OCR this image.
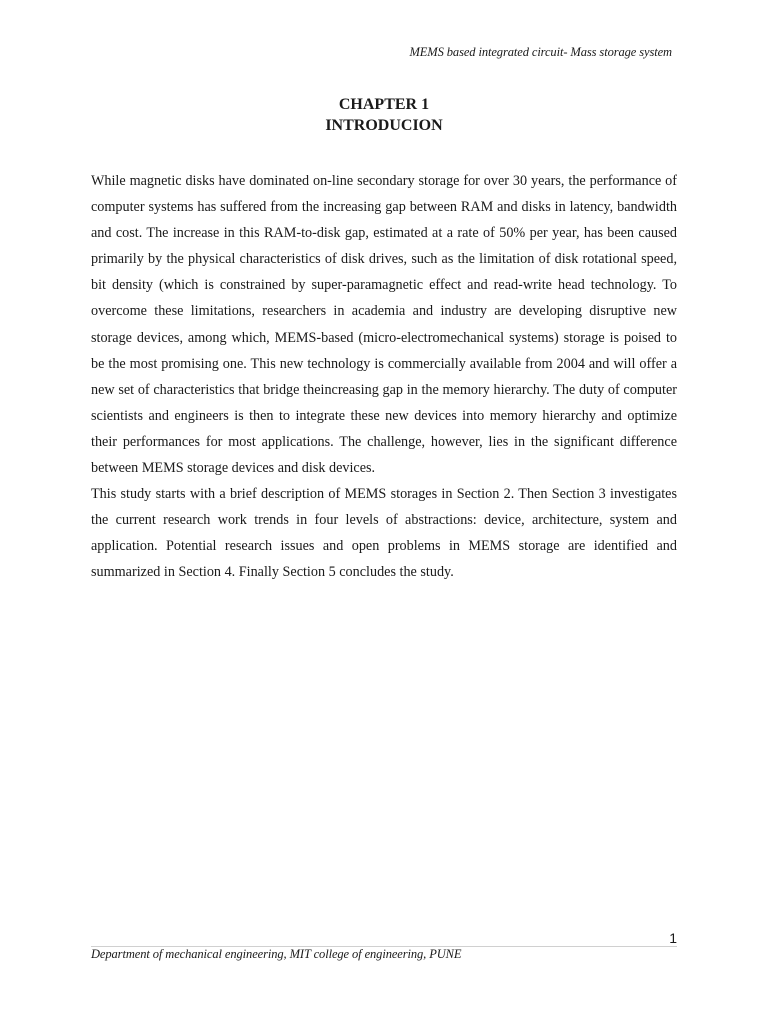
MEMS based integrated circuit- Mass storage system
CHAPTER 1
INTRODUCION

While magnetic disks have dominated on-line secondary storage for over 30 years, the performance of computer systems has suffered from the increasing gap between RAM and disks in latency, bandwidth and cost. The increase in this RAM-to-disk gap, estimated at a rate of 50% per year, has been caused primarily by the physical characteristics of disk drives, such as the limitation of disk rotational speed, bit density (which is constrained by super-paramagnetic effect and read-write head technology. To overcome these limitations, researchers in academia and industry are developing disruptive new storage devices, among which, MEMS-based (micro-electromechanical systems) storage is poised to be the most promising one. This new technology is commercially available from 2004 and will offer a new set of characteristics that bridge theincreasing gap in the memory hierarchy. The duty of computer scientists and engineers is then to integrate these new devices into memory hierarchy and optimize their performances for most applications. The challenge, however, lies in the significant difference between MEMS storage devices and disk devices.

This study starts with a brief description of MEMS storages in Section 2. Then Section 3 investigates the current research work trends in four levels of abstractions: device, architecture, system and application. Potential research issues and open problems in MEMS storage are identified and summarized in Section 4. Finally Section 5 concludes the study.

1
Department of mechanical engineering, MIT college of engineering, PUNE
